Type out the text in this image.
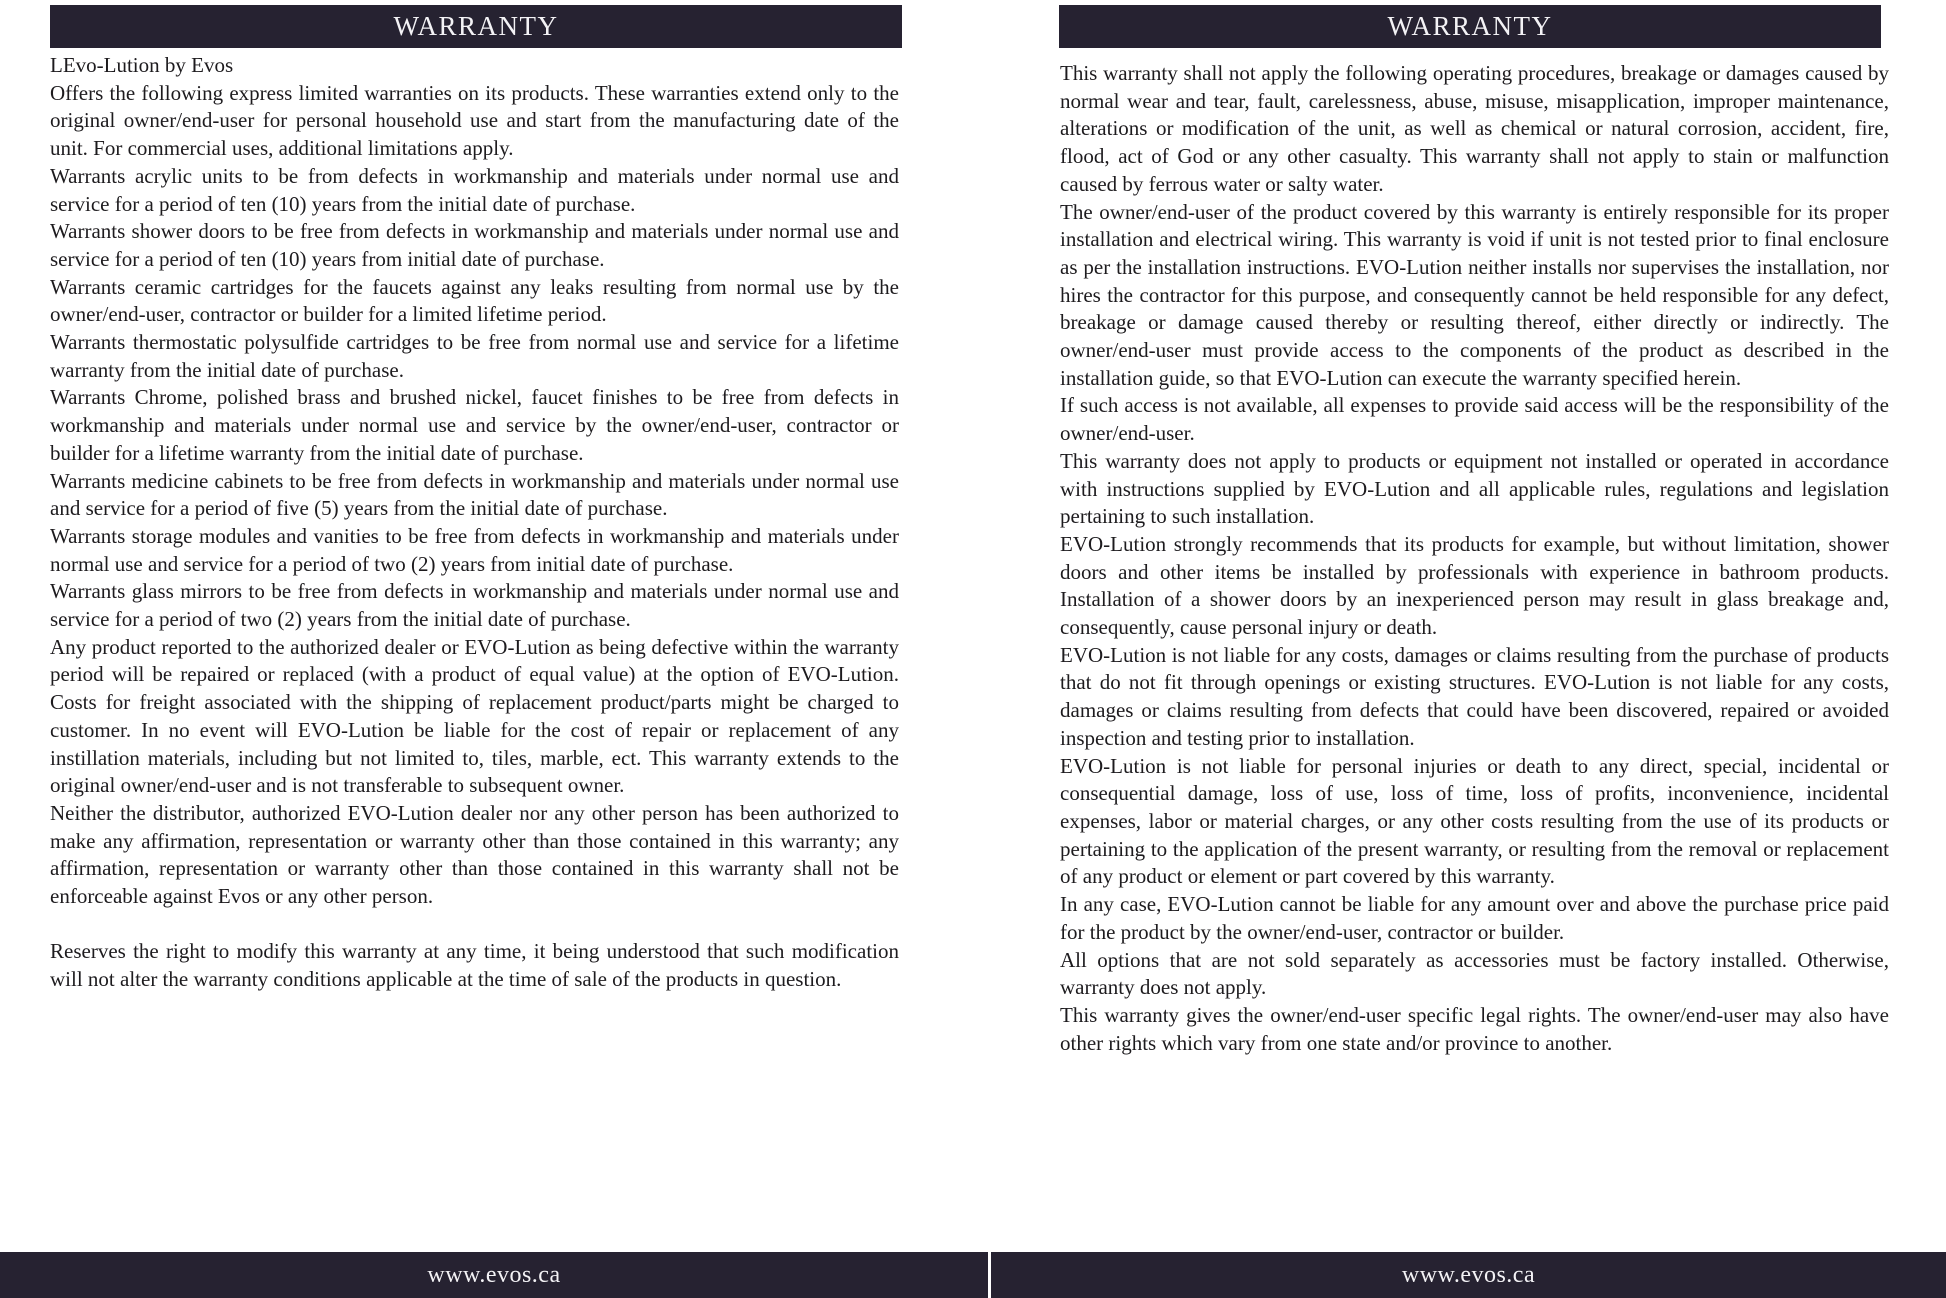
WARRANTY	WARRANTY

LEvo-Lution by Evos

Offers the following express limited warranties on its products. These warranties extend only to the original owner/end-user for personal household use and start from the manufacturing date of the unit. For commercial uses, additional limitations apply.

Warrants acrylic units to be from defects in workmanship and materials under normal use and service for a period of ten (10) years from the initial date of purchase.

Warrants shower doors to be free from defects in workmanship and materials under normal use and service for a period of ten (10) years from initial date of purchase.

Warrants ceramic cartridges for the faucets against any leaks resulting from normal use by the owner/end-user, contractor or builder for a limited lifetime period.

Warrants thermostatic polysulfide cartridges to be free from normal use and service for a lifetime warranty from the initial date of purchase.

Warrants Chrome, polished brass and brushed nickel, faucet finishes to be free from defects in workmanship and materials under normal use and service by the owner/end-user, contractor or builder for a lifetime warranty from the initial date of purchase.

Warrants medicine cabinets to be free from defects in workmanship and materials under normal use and service for a period of five (5) years from the initial date of purchase.

Warrants storage modules and vanities to be free from defects in workmanship and materials under normal use and service for a period of two (2) years from initial date of purchase.

Warrants glass mirrors to be free from defects in workmanship and materials under normal use and service for a period of two (2) years from the initial date of purchase.

Any product reported to the authorized dealer or EVO-Lution as being defective within the warranty period will be repaired or replaced (with a product of equal value) at the option of EVO-Lution. Costs for freight associated with the shipping of replacement product/parts might be charged to customer. In no event will EVO-Lution be liable for the cost of repair or replacement of any instillation materials, including but not limited to, tiles, marble, ect. This warranty extends to the original owner/end-user and is not transferable to subsequent owner.

Neither the distributor, authorized EVO-Lution dealer nor any other person has been authorized to make any affirmation, representation or warranty other than those contained in this warranty; any affirmation, representation or warranty other than those contained in this warranty shall not be enforceable against Evos or any other person.

Reserves the right to modify this warranty at any time, it being understood that such modification will not alter the warranty conditions applicable at the time of sale of the products in question.

This warranty shall not apply the following operating procedures, breakage or damages caused by normal wear and tear, fault, carelessness, abuse, misuse, misapplication, improper maintenance, alterations or modification of the unit, as well as chemical or natural corrosion, accident, fire, flood, act of God or any other casualty. This warranty shall not apply to stain or malfunction caused by ferrous water or salty water.

The owner/end-user of the product covered by this warranty is entirely responsible for its proper installation and electrical wiring. This warranty is void if unit is not tested prior to final enclosure as per the installation instructions. EVO-Lution neither installs nor supervises the installation, nor hires the contractor for this purpose, and consequently cannot be held responsible for any defect, breakage or damage caused thereby or resulting thereof, either directly or indirectly. The owner/end-user must provide access to the components of the product as described in the installation guide, so that EVO-Lution can execute the warranty specified herein.

If such access is not available, all expenses to provide said access will be the responsibility of the owner/end-user.

This warranty does not apply to products or equipment not installed or operated in accordance with instructions supplied by EVO-Lution and all applicable rules, regulations and legislation pertaining to such installation.

EVO-Lution strongly recommends that its products for example, but without limitation, shower doors and other items be installed by professionals with experience in bathroom products. Installation of a shower doors by an inexperienced person may result in glass breakage and, consequently, cause personal injury or death.

EVO-Lution is not liable for any costs, damages or claims resulting from the purchase of products that do not fit through openings or existing structures. EVO-Lution is not liable for any costs, damages or claims resulting from defects that could have been discovered, repaired or avoided inspection and testing prior to installation.

EVO-Lution is not liable for personal injuries or death to any direct, special, incidental or consequential damage, loss of use, loss of time, loss of profits, inconvenience, incidental expenses, labor or material charges, or any other costs resulting from the use of its products or pertaining to the application of the present warranty, or resulting from the removal or replacement of any product or element or part covered by this warranty.

In any case, EVO-Lution cannot be liable for any amount over and above the purchase price paid for the product by the owner/end-user, contractor or builder.

All options that are not sold separately as accessories must be factory installed. Otherwise, warranty does not apply.

This warranty gives the owner/end-user specific legal rights. The owner/end-user may also have other rights which vary from one state and/or province to another.

www.evos.ca	www.evos.ca
